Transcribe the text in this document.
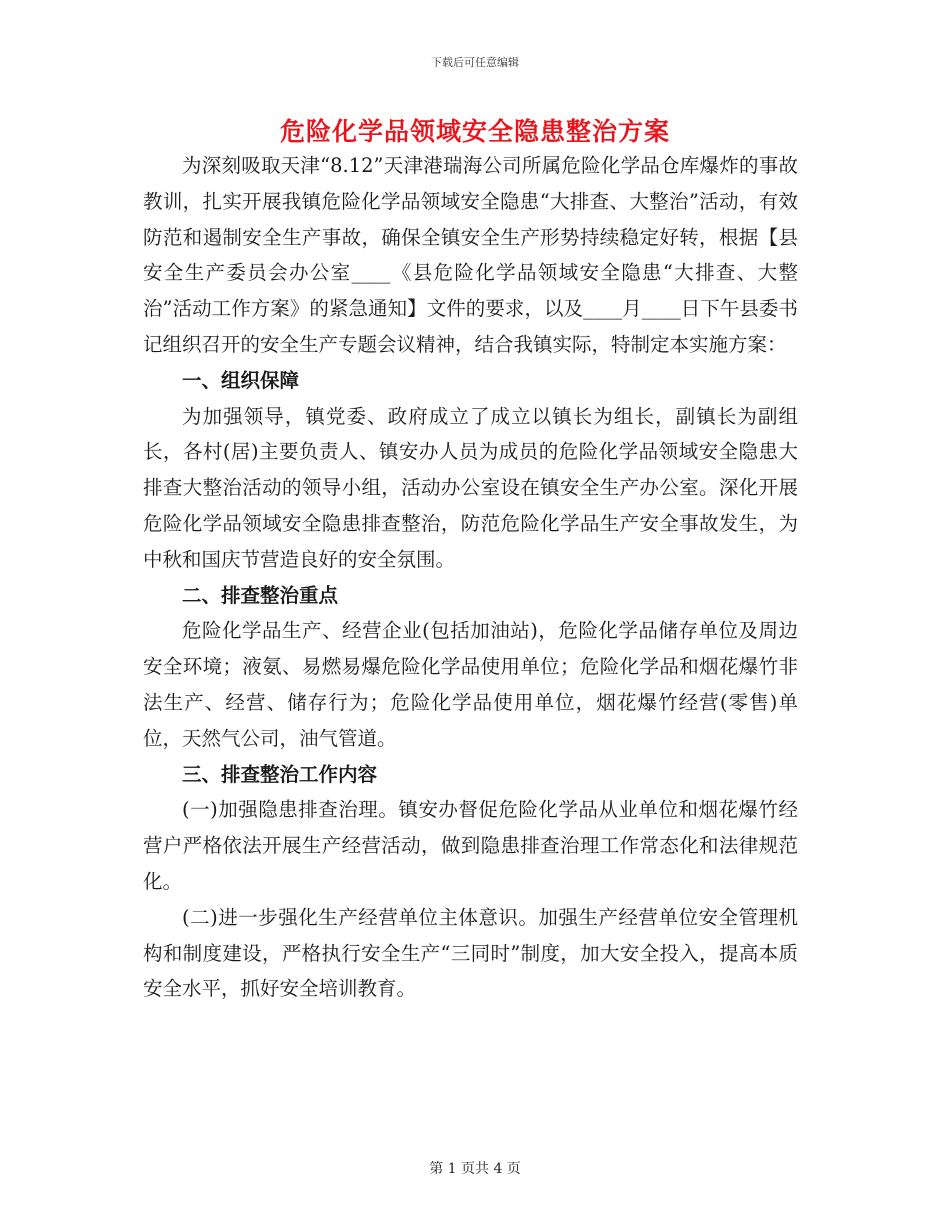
下载后可任意编辑
危险化学品领域安全隐患整治方案

为深刻吸取天津“8.12”天津港瑞海公司所属危险化学品仓库爆炸的事故教训，扎实开展我镇危险化学品领域安全隐患“大排查、大整治”活动，有效防范和遏制安全生产事故，确保全镇安全生产形势持续稳定好转，根据【县安全生产委员会办公室____《县危险化学品领域安全隐患“大排查、大整治”活动工作方案》的紧急通知】文件的要求，以及____月____日下午县委书记组织召开的安全生产专题会议精神，结合我镇实际，特制定本实施方案：

一、组织保障

为加强领导，镇党委、政府成立了成立以镇长为组长，副镇长为副组长，各村(居)主要负责人、镇安办人员为成员的危险化学品领域安全隐患大排查大整治活动的领导小组，活动办公室设在镇安全生产办公室。深化开展危险化学品领域安全隐患排查整治，防范危险化学品生产安全事故发生，为中秋和国庆节营造良好的安全氛围。

二、排查整治重点

危险化学品生产、经营企业(包括加油站)，危险化学品储存单位及周边安全环境；液氨、易燃易爆危险化学品使用单位；危险化学品和烟花爆竹非法生产、经营、储存行为；危险化学品使用单位，烟花爆竹经营(零售)单位，天然气公司，油气管道。

三、排查整治工作内容

(一)加强隐患排查治理。镇安办督促危险化学品从业单位和烟花爆竹经营户严格依法开展生产经营活动，做到隐患排查治理工作常态化和法律规范化。

(二)进一步强化生产经营单位主体意识。加强生产经营单位安全管理机构和制度建设，严格执行安全生产“三同时”制度，加大安全投入，提高本质安全水平，抓好安全培训教育。

第 1 页共 4 页
